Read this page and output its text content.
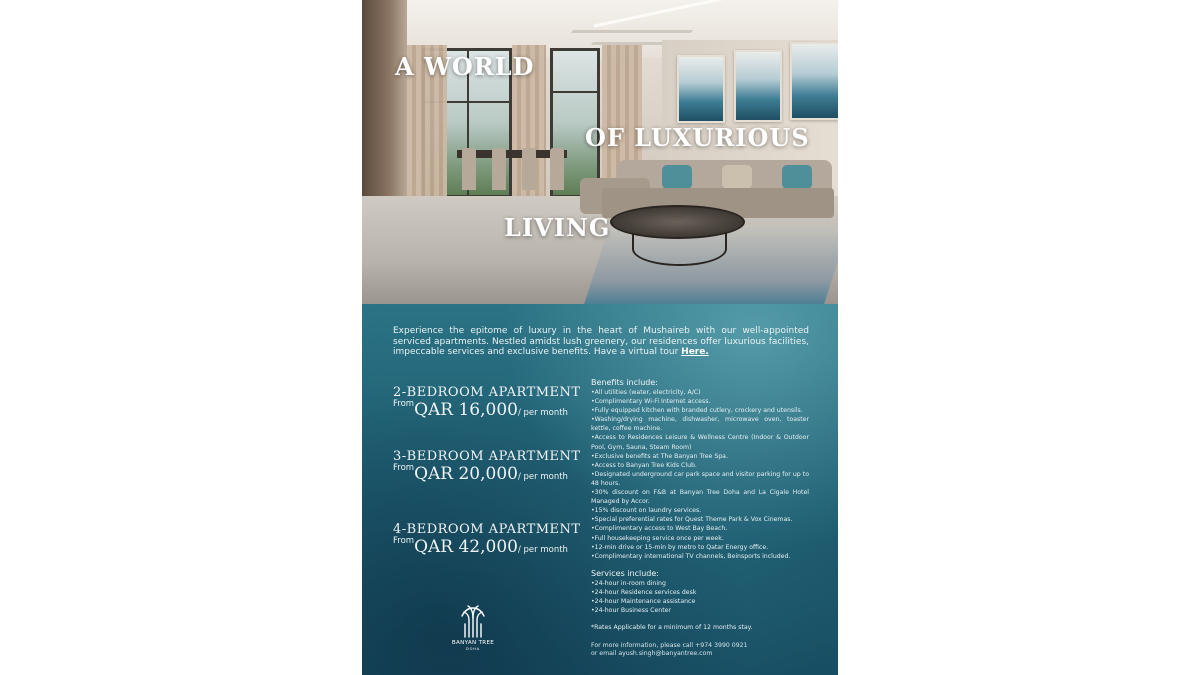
A WORLD
OF LUXURIOUS
LIVING

Experience the epitome of luxury in the heart of Mushaireb with our well-appointed serviced apartments. Nestled amidst lush greenery, our residences offer luxurious facilities, impeccable services and exclusive benefits. Have a virtual tour Here.

2-BEDROOM APARTMENT
$^{From}$QAR 16,000/ per month
3-BEDROOM APARTMENT
$^{From}$QAR 20,000/ per month
4-BEDROOM APARTMENT
$^{From}$QAR 42,000/ per month
BANYAN TREE
DOHA
Benefits include:
• All utilities (water, electricity, A/C)
• Complimentary Wi-Fi Internet access.
• Fully equipped kitchen with branded cutlery, crockery and utensils.
• Washing/drying machine, dishwasher, microwave oven, toaster kettle, coffee machine.
• Access to Residences Leisure & Wellness Centre (Indoor & Outdoor Pool, Gym, Sauna, Steam Room)
• Exclusive benefits at The Banyan Tree Spa.
• Access to Banyan Tree Kids Club.
• Designated underground car park space and visitor parking for up to 48 hours.
• 30% discount on F&B at Banyan Tree Doha and La Cigale Hotel Managed by Accor.
• 15% discount on laundry services.
• Special preferential rates for Quest Theme Park & Vox Cinemas.
• Complimentary access to West Bay Beach.
• Full housekeeping service once per week.
• 12-min drive or 15-min by metro to Qatar Energy office.
• Complimentary international TV channels, Beinsports included.
Services include:
• 24-hour in-room dining
• 24-hour Residence services desk
• 24-hour Maintenance assistance
• 24-hour Business Center
*Rates Applicable for a minimum of 12 months stay.
For more information, please call +974 3990 0921
or email ayush.singh@banyantree.com
